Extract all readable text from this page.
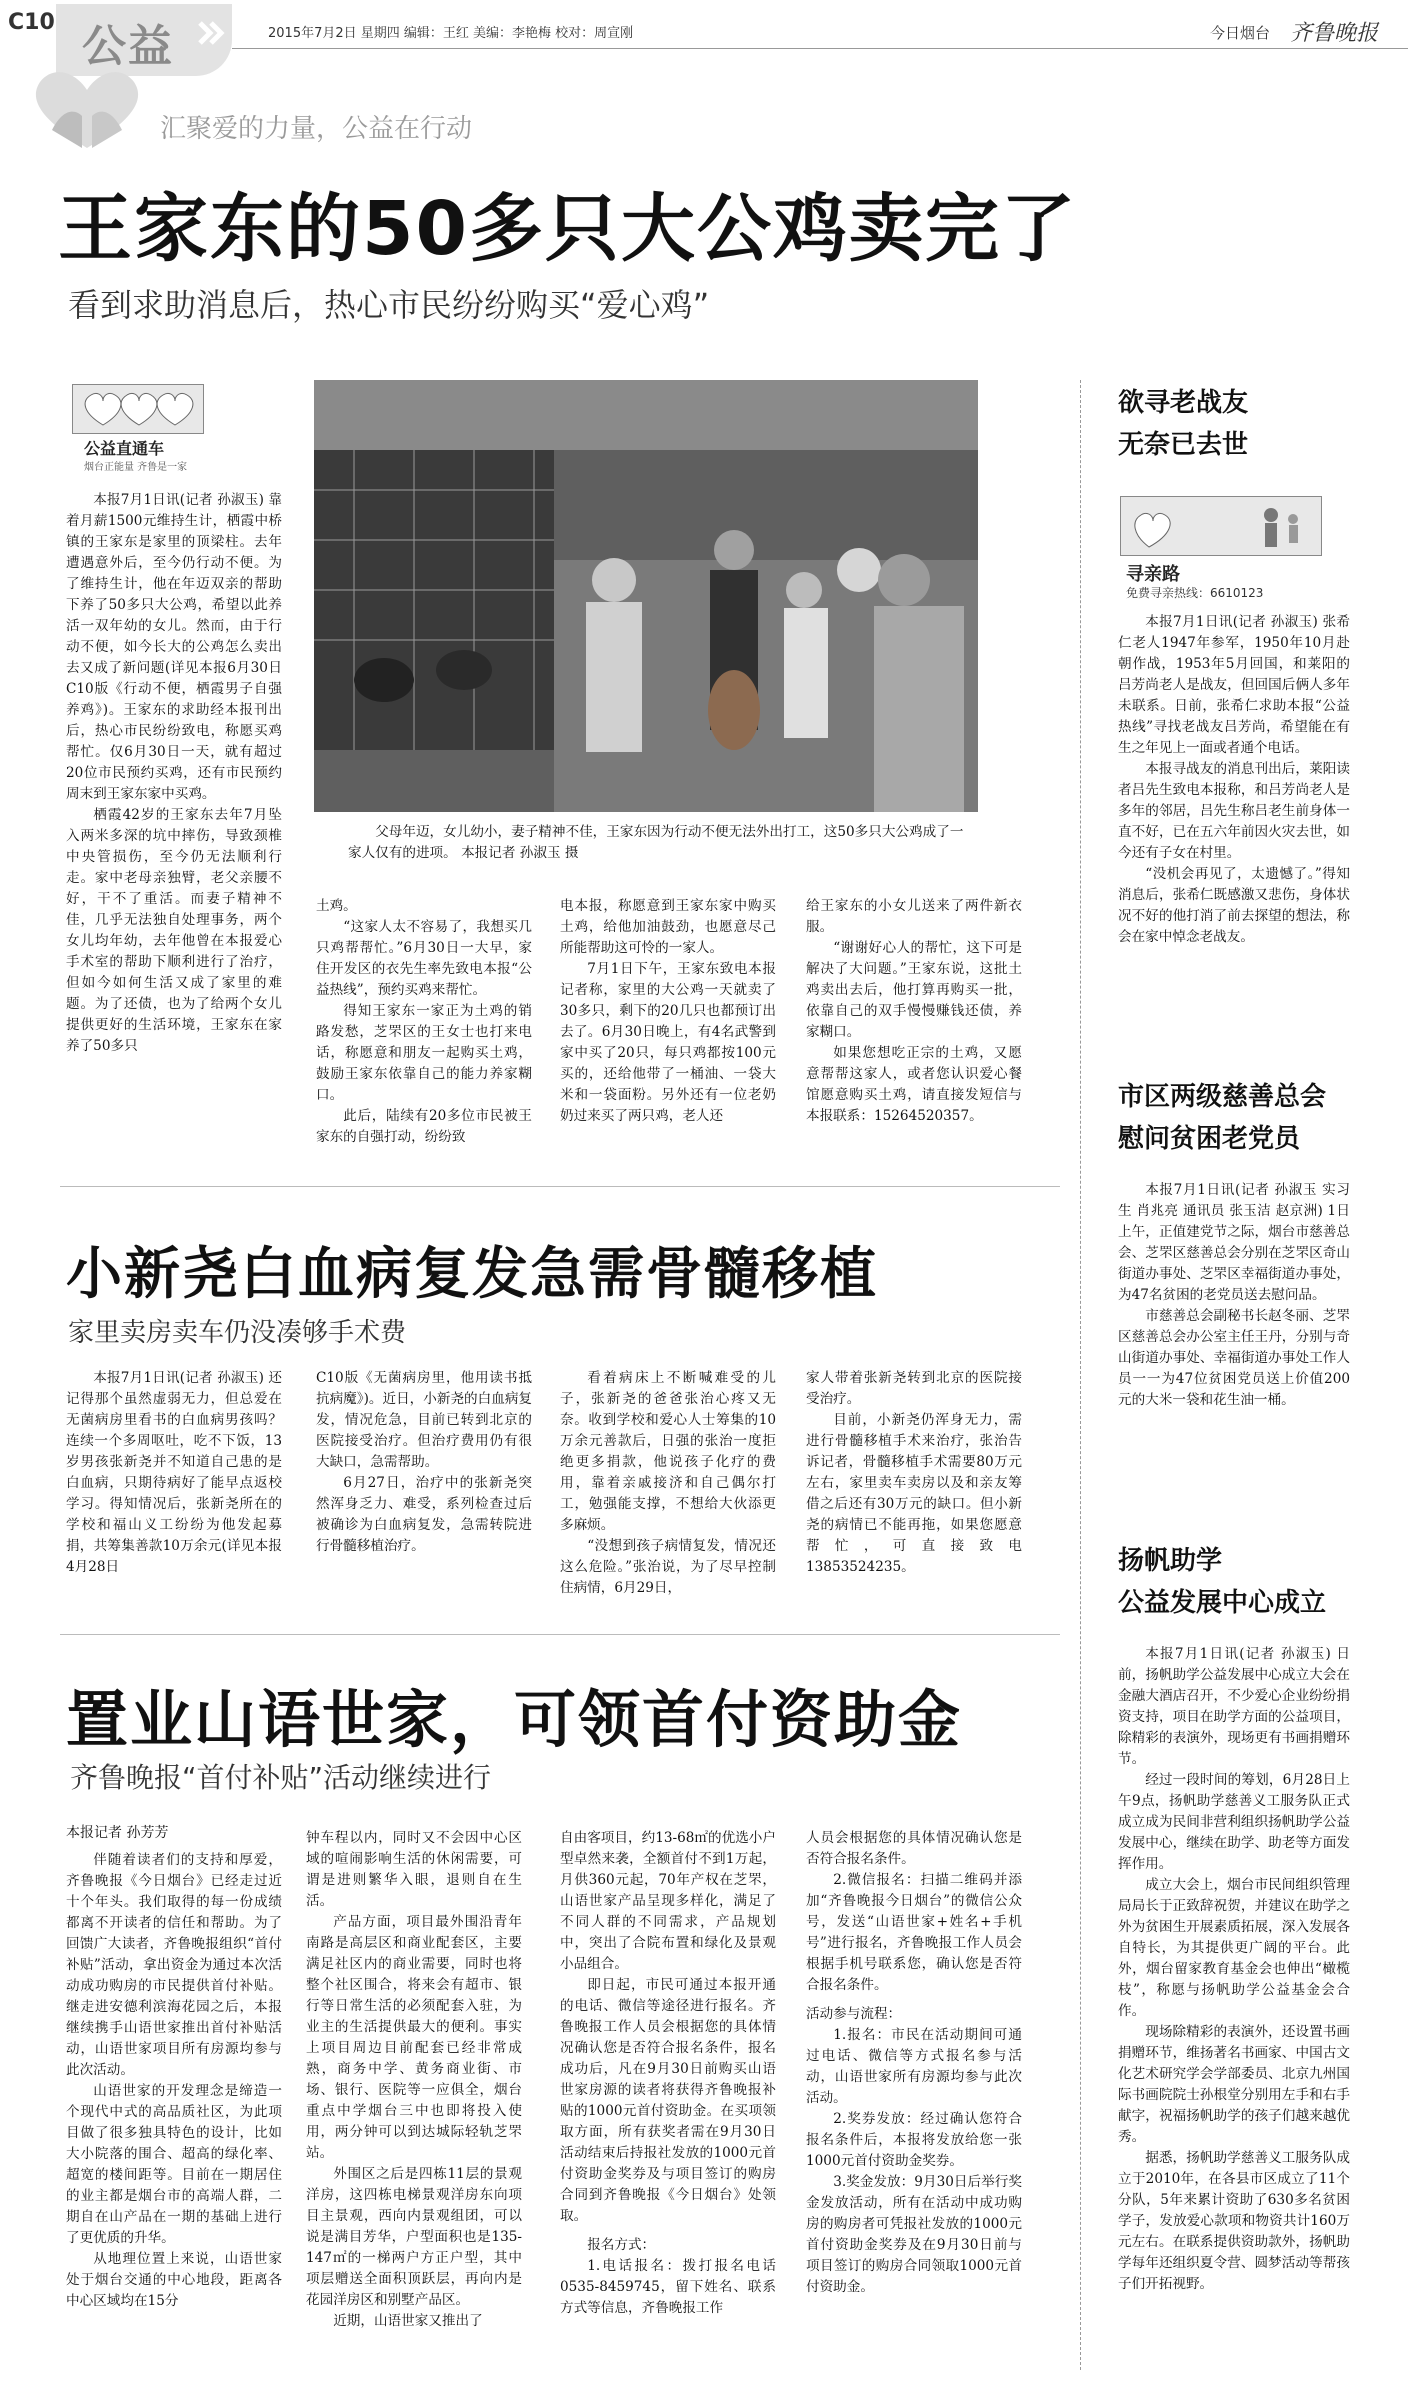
C10 公益	2015年7月2日 星期四 编辑：王红 美编：李艳梅 校对：周宣刚	今日烟台 齐鲁晚报
汇聚爱的力量，公益在行动
王家东的50多只大公鸡卖完了
看到求助消息后，热心市民纷纷购买“爱心鸡”
公益直通车
烟台正能量 齐鲁是一家

本报7月1日讯(记者 孙淑玉) 靠着月薪1500元维持生计，栖霞中桥镇的王家东是家里的顶梁柱。去年遭遇意外后，至今仍行动不便。为了维持生计，他在年迈双亲的帮助下养了50多只大公鸡，希望以此养活一双年幼的女儿。然而，由于行动不便，如今长大的公鸡怎么卖出去又成了新问题(详见本报6月30日C10版《行动不便，栖霞男子自强养鸡》)。王家东的求助经本报刊出后，热心市民纷纷致电，称愿买鸡帮忙。仅6月30日一天，就有超过20位市民预约买鸡，还有市民预约周末到王家东家中买鸡。

栖霞42岁的王家东去年7月坠入两米多深的坑中摔伤，导致颈椎中央管损伤，至今仍无法顺利行走。家中老母亲独臂，老父亲腰不好，干不了重活。而妻子精神不佳，几乎无法独自处理事务，两个女儿均年幼，去年他曾在本报爱心手术室的帮助下顺利进行了治疗，但如今如何生活又成了家里的难题。为了还债，也为了给两个女儿提供更好的生活环境，王家东在家养了50多只

父母年迈，女儿幼小，妻子精神不佳，王家东因为行动不便无法外出打工，这50多只大公鸡成了一家人仅有的进项。 本报记者 孙淑玉 摄

土鸡。

“这家人太不容易了，我想买几只鸡帮帮忙。”6月30日一大早，家住开发区的衣先生率先致电本报“公益热线”，预约买鸡来帮忙。

得知王家东一家正为土鸡的销路发愁，芝罘区的王女士也打来电话，称愿意和朋友一起购买土鸡，鼓励王家东依靠自己的能力养家糊口。

此后，陆续有20多位市民被王家东的自强打动，纷纷致

电本报，称愿意到王家东家中购买土鸡，给他加油鼓劲，也愿意尽己所能帮助这可怜的一家人。

7月1日下午，王家东致电本报记者称，家里的大公鸡一天就卖了30多只，剩下的20几只也都预订出去了。6月30日晚上，有4名武警到家中买了20只，每只鸡都按100元买的，还给他带了一桶油、一袋大米和一袋面粉。另外还有一位老奶奶过来买了两只鸡，老人还

给王家东的小女儿送来了两件新衣服。

“谢谢好心人的帮忙，这下可是解决了大问题。”王家东说，这批土鸡卖出去后，他打算再购买一批，依靠自己的双手慢慢赚钱还债，养家糊口。

如果您想吃正宗的土鸡，又愿意帮帮这家人，或者您认识爱心餐馆愿意购买土鸡，请直接发短信与本报联系：15264520357。

小新尧白血病复发急需骨髓移植
家里卖房卖车仍没凑够手术费

本报7月1日讯(记者 孙淑玉) 还记得那个虽然虚弱无力，但总爱在无菌病房里看书的白血病男孩吗？连续一个多周呕吐，吃不下饭，13岁男孩张新尧并不知道自己患的是白血病，只期待病好了能早点返校学习。得知情况后，张新尧所在的学校和福山义工纷纷为他发起募捐，共筹集善款10万余元(详见本报4月28日

C10版《无菌病房里，他用读书抵抗病魔》)。近日，小新尧的白血病复发，情况危急，目前已转到北京的医院接受治疗。但治疗费用仍有很大缺口，急需帮助。

6月27日，治疗中的张新尧突然浑身乏力、难受，系列检查过后被确诊为白血病复发，急需转院进行骨髓移植治疗。

看着病床上不断喊难受的儿子，张新尧的爸爸张治心疼又无奈。收到学校和爱心人士筹集的10万余元善款后，日强的张治一度拒绝更多捐款，他说孩子化疗的费用，靠着亲戚接济和自己偶尔打工，勉强能支撑，不想给大伙添更多麻烦。

“没想到孩子病情复发，情况还这么危险。”张治说，为了尽早控制住病情，6月29日，

家人带着张新尧转到北京的医院接受治疗。

目前，小新尧仍浑身无力，需进行骨髓移植手术来治疗，张治告诉记者，骨髓移植手术需要80万元左右，家里卖车卖房以及和亲友筹借之后还有30万元的缺口。但小新尧的病情已不能再拖，如果您愿意帮忙，可直接致电13853524235。

置业山语世家，可领首付资助金
齐鲁晚报“首付补贴”活动继续进行
本报记者 孙芳芳

伴随着读者们的支持和厚爱，齐鲁晚报《今日烟台》已经走过近十个年头。我们取得的每一份成绩都离不开读者的信任和帮助。为了回馈广大读者，齐鲁晚报组织“首付补贴”活动，拿出资金为通过本次活动成功购房的市民提供首付补贴。继走进安德利滨海花园之后，本报继续携手山语世家推出首付补贴活动，山语世家项目所有房源均参与此次活动。

山语世家的开发理念是缔造一个现代中式的高品质社区，为此项目做了很多独具特色的设计，比如大小院落的围合、超高的绿化率、超宽的楼间距等。目前在一期居住的业主都是烟台市的高端人群，二期自在山产品在一期的基础上进行了更优质的升华。

从地理位置上来说，山语世家处于烟台交通的中心地段，距离各中心区域均在15分

钟车程以内，同时又不会因中心区域的喧闹影响生活的休闲需要，可谓是进则繁华入眼，退则自在生活。

产品方面，项目最外围沿青年南路是高层区和商业配套区，主要满足社区内的商业需要，同时也将整个社区围合，将来会有超市、银行等日常生活的必须配套入驻，为业主的生活提供最大的便利。事实上项目周边目前配套已经非常成熟，商务中学、黄务商业街、市场、银行、医院等一应俱全，烟台重点中学烟台三中也即将投入使用，两分钟可以到达城际轻轨芝罘站。

外围区之后是四栋11层的景观洋房，这四栋电梯景观洋房东向项目主景观，西向内景观组团，可以说是满目芳华，户型面积也是135-147㎡的一梯两户方正户型，其中项层赠送全面积顶跃层，再向内是花园洋房区和别墅产品区。

近期，山语世家又推出了

自由客项目，约13-68㎡的优选小户型卓然来袭，全额首付不到1万起，月供360元起，70年产权在芝罘，山语世家产品呈现多样化，满足了不同人群的不同需求，产品规划中，突出了合院布置和绿化及景观小品组合。

即日起，市民可通过本报开通的电话、微信等途径进行报名。齐鲁晚报工作人员会根据您的具体情况确认您是否符合报名条件，报名成功后，凡在9月30日前购买山语世家房源的读者将获得齐鲁晚报补贴的1000元首付资助金。在买项领取方面，所有获奖者需在9月30日活动结束后持报社发放的1000元首付资助金奖券及与项目签订的购房合同到齐鲁晚报《今日烟台》处领取。

报名方式：

1.电话报名：拨打报名电话0535-8459745，留下姓名、联系方式等信息，齐鲁晚报工作

人员会根据您的具体情况确认您是否符合报名条件。

2.微信报名：扫描二维码并添加“齐鲁晚报今日烟台”的微信公众号，发送“山语世家+姓名+手机号”进行报名，齐鲁晚报工作人员会根据手机号联系您，确认您是否符合报名条件。

活动参与流程：

1.报名：市民在活动期间可通过电话、微信等方式报名参与活动，山语世家所有房源均参与此次活动。

2.奖券发放：经过确认您符合报名条件后，本报将发放给您一张1000元首付资助金奖券。

3.奖金发放：9月30日后举行奖金发放活动，所有在活动中成功购房的购房者可凭报社发放的1000元首付资助金奖券及在9月30日前与项目签订的购房合同领取1000元首付资助金。

欲寻老战友
无奈已去世
寻亲路
免费寻亲热线：6610123

本报7月1日讯(记者 孙淑玉) 张希仁老人1947年参军，1950年10月赴朝作战，1953年5月回国，和莱阳的吕芳尚老人是战友，但回国后俩人多年未联系。日前，张希仁求助本报“公益热线”寻找老战友吕芳尚，希望能在有生之年见上一面或者通个电话。

本报寻战友的消息刊出后，莱阳读者吕先生致电本报称，和吕芳尚老人是多年的邻居，吕先生称吕老生前身体一直不好，已在五六年前因火灾去世，如今还有子女在村里。

“没机会再见了，太遗憾了。”得知消息后，张希仁既感激又悲伤，身体状况不好的他打消了前去探望的想法，称会在家中悼念老战友。

市区两级慈善总会
慰问贫困老党员

本报7月1日讯(记者 孙淑玉 实习生 肖兆亮 通讯员 张玉洁 赵京洲) 1日上午，正值建党节之际，烟台市慈善总会、芝罘区慈善总会分别在芝罘区奇山街道办事处、芝罘区幸福街道办事处，为47名贫困的老党员送去慰问品。

市慈善总会副秘书长赵冬丽、芝罘区慈善总会办公室主任王丹，分别与奇山街道办事处、幸福街道办事处工作人员一一为47位贫困党员送上价值200元的大米一袋和花生油一桶。

扬帆助学
公益发展中心成立

本报7月1日讯(记者 孙淑玉) 日前，扬帆助学公益发展中心成立大会在金融大酒店召开，不少爱心企业纷纷捐资支持，项目在助学方面的公益项目，除精彩的表演外，现场更有书画捐赠环节。

经过一段时间的筹划，6月28日上午9点，扬帆助学慈善义工服务队正式成立成为民间非营利组织扬帆助学公益发展中心，继续在助学、助老等方面发挥作用。

成立大会上，烟台市民间组织管理局局长于正致辞祝贺，并建议在助学之外为贫困生开展素质拓展，深入发展各自特长，为其提供更广阔的平台。此外，烟台留家教育基金会也伸出“橄榄枝”，称愿与扬帆助学公益基金会合作。

现场除精彩的表演外，还设置书画捐赠环节，维扬著名书画家、中国古文化艺术研究学会学部委员、北京九州国际书画院院士孙根堂分别用左手和右手献字，祝福扬帆助学的孩子们越来越优秀。

据悉，扬帆助学慈善义工服务队成立于2010年，在各县市区成立了11个分队，5年来累计资助了630多名贫困学子，发放爱心款项和物资共计160万元左右。在联系提供资助款外，扬帆助学每年还组织夏令营、圆梦活动等帮孩子们开拓视野。
